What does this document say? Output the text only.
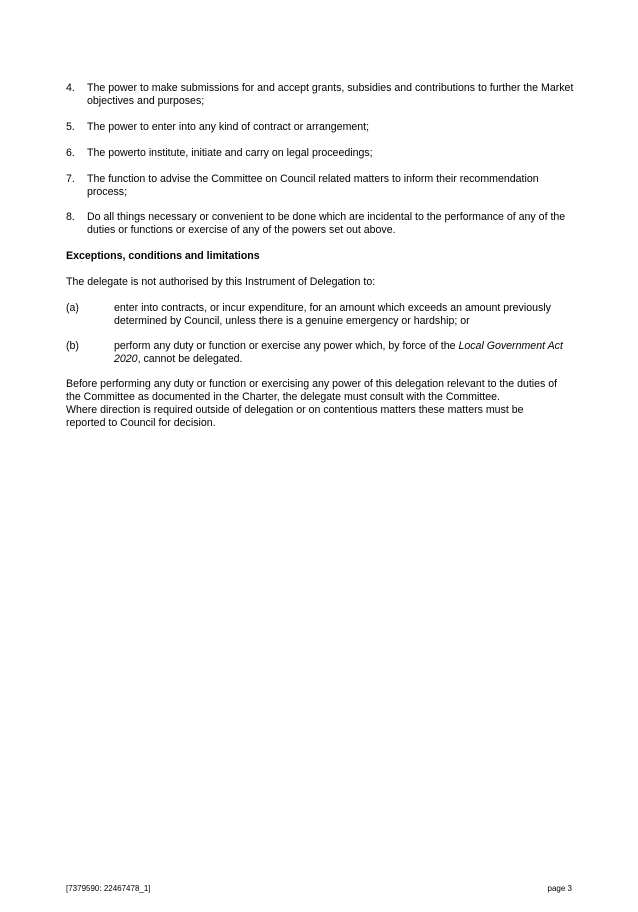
4.	The power to make submissions for and accept grants, subsidies and contributions to further the Market objectives and purposes;
5.	The power to enter into any kind of contract or arrangement;
6.	The powerto institute, initiate and carry on legal proceedings;
7.	The function to advise the Committee on Council related matters to inform their recommendation process;
8.	Do all things necessary or convenient to be done which are incidental to the performance of any of the duties or functions or exercise of any of the powers set out above.
Exceptions, conditions and limitations
The delegate is not authorised by this Instrument of Delegation to:
(a)	enter into contracts, or incur expenditure, for an amount which exceeds an amount previously determined by Council, unless there is a genuine emergency or hardship; or
(b)	perform any duty or function or exercise any power which, by force of the Local Government Act 2020, cannot be delegated.
Before performing any duty or function or exercising any power of this delegation relevant to the duties of the Committee as documented in the Charter, the delegate must consult with the Committee.
Where direction is required outside of delegation or on contentious matters these matters must be reported to Council for decision.
[7379590: 22467478_1]	page 3
